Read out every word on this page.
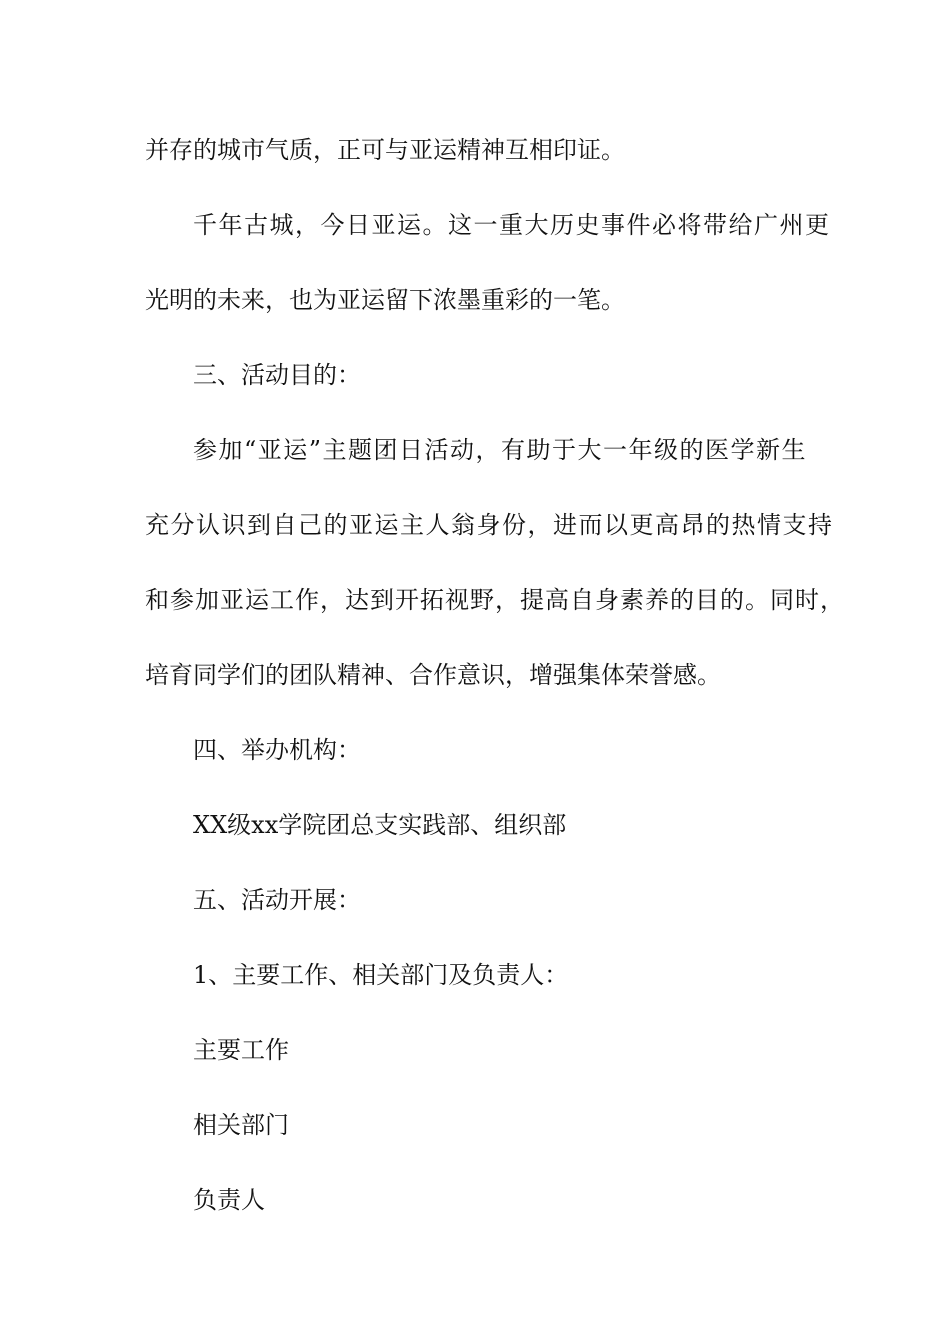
并存的城市气质，正可与亚运精神互相印证。
千年古城，今日亚运。这一重大历史事件必将带给广州更
光明的未来，也为亚运留下浓墨重彩的一笔。
三、活动目的：
参加“亚运”主题团日活动，有助于大一年级的医学新生
充分认识到自己的亚运主人翁身份，进而以更高昂的热情支持
和参加亚运工作，达到开拓视野，提高自身素养的目的。同时，
培育同学们的团队精神、合作意识，增强集体荣誉感。
四、举办机构：
XX级xx学院团总支实践部、组织部
五、活动开展：
1、主要工作、相关部门及负责人：
主要工作
相关部门
负责人
